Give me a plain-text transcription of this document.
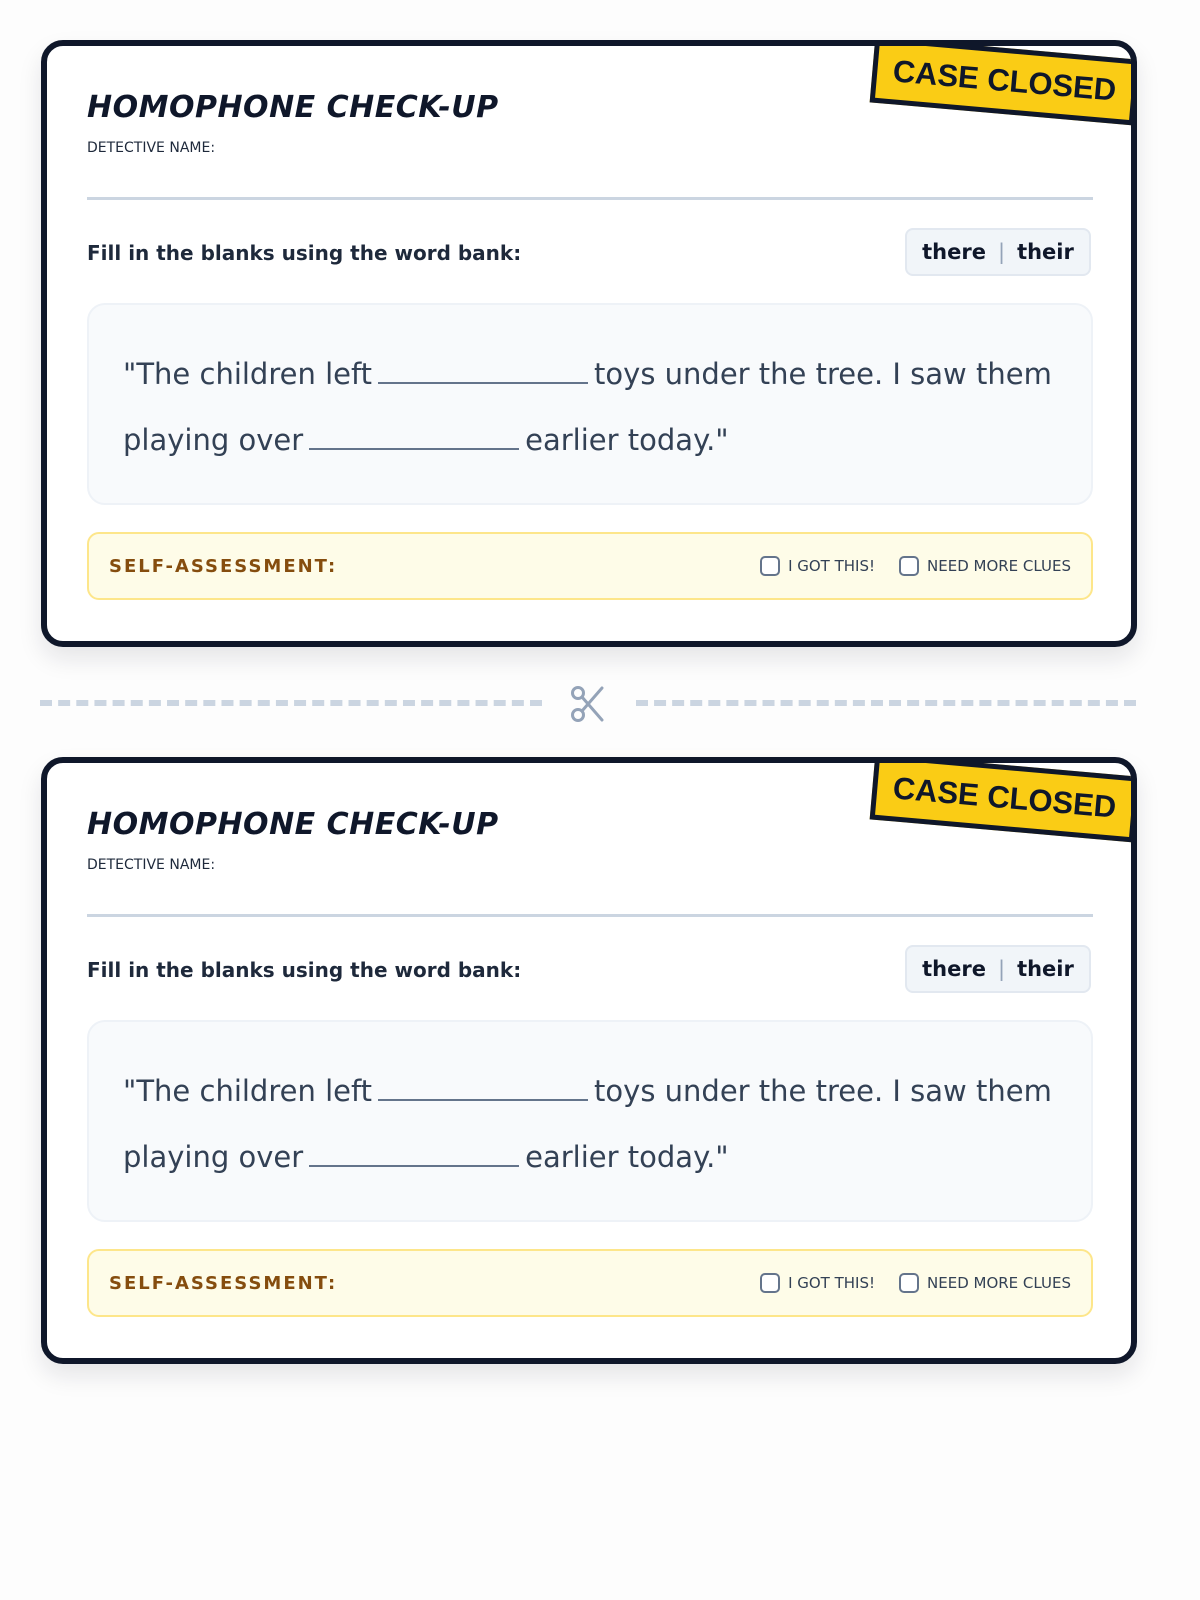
CASE CLOSED
HOMOPHONE CHECK-UP
DETECTIVE NAME:
Fill in the blanks using the word bank:	there | their
"The children left	toys under the tree. I saw them playing over	earlier today."
SELF-ASSESSMENT:	I GOT THIS!	NEED MORE CLUES
CASE CLOSED
HOMOPHONE CHECK-UP
DETECTIVE NAME:
Fill in the blanks using the word bank:	there | their
"The children left	toys under the tree. I saw them playing over	earlier today."
SELF-ASSESSMENT:	I GOT THIS!	NEED MORE CLUES
